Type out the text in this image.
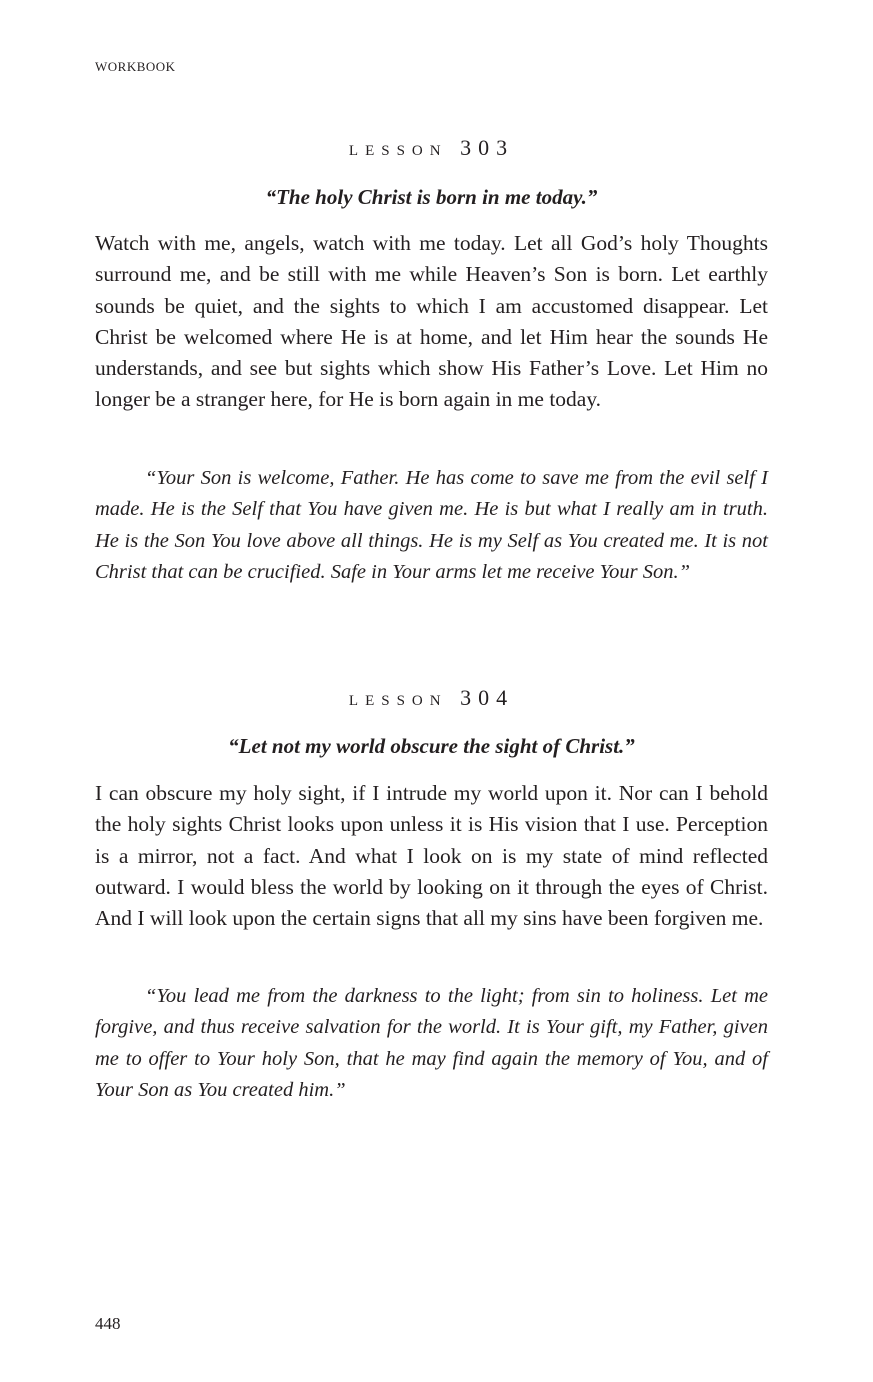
workbook
lesson 303
“The holy Christ is born in me today.”

Watch with me, angels, watch with me today. Let all God’s holy Thoughts surround me, and be still with me while Heaven’s Son is born. Let earthly sounds be quiet, and the sights to which I am accustomed disappear. Let Christ be welcomed where He is at home, and let Him hear the sounds He understands, and see but sights which show His Father’s Love. Let Him no longer be a stranger here, for He is born again in me today.

“Your Son is welcome, Father. He has come to save me from the evil self I made. He is the Self that You have given me. He is but what I really am in truth. He is the Son You love above all things. He is my Self as You created me. It is not Christ that can be crucified. Safe in Your arms let me receive Your Son.”

lesson 304
“Let not my world obscure the sight of Christ.”

I can obscure my holy sight, if I intrude my world upon it. Nor can I behold the holy sights Christ looks upon unless it is His vision that I use. Perception is a mirror, not a fact. And what I look on is my state of mind reflected outward. I would bless the world by looking on it through the eyes of Christ. And I will look upon the certain signs that all my sins have been forgiven me.

“You lead me from the darkness to the light; from sin to holiness. Let me forgive, and thus receive salvation for the world. It is Your gift, my Father, given me to offer to Your holy Son, that he may find again the memory of You, and of Your Son as You created him.”

448
